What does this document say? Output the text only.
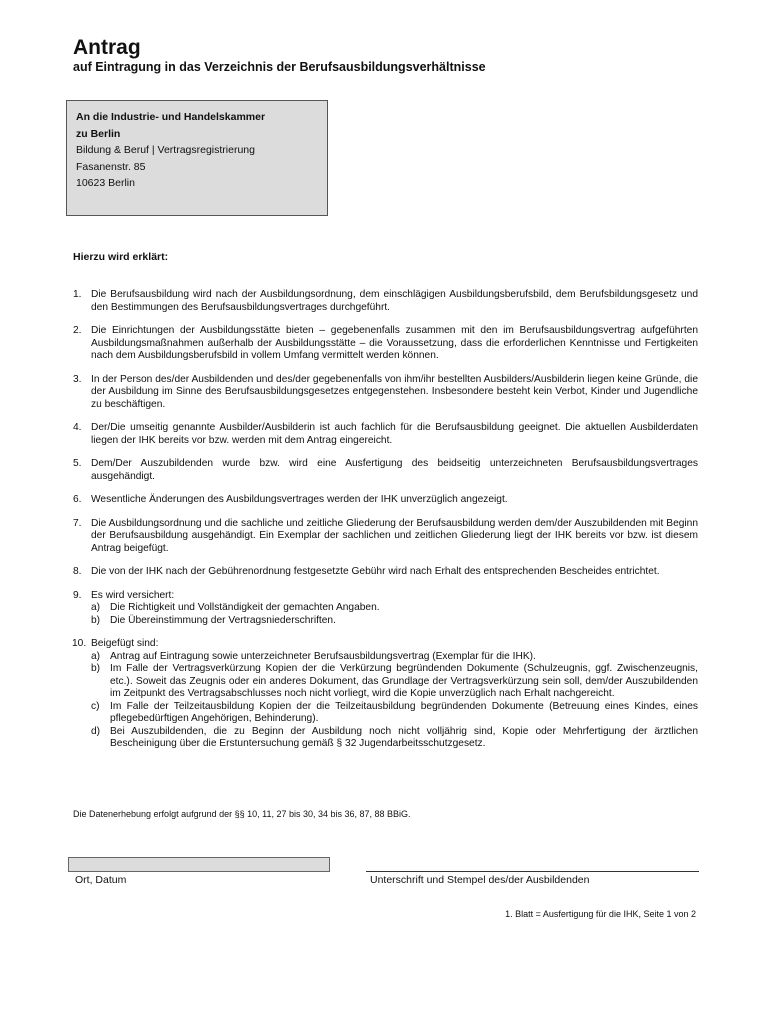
Antrag
auf Eintragung in das Verzeichnis der Berufsausbildungsverhältnisse
An die Industrie- und Handelskammer
zu Berlin
Bildung & Beruf | Vertragsregistrierung
Fasanenstr. 85
10623 Berlin
Hierzu wird erklärt:
1. Die Berufsausbildung wird nach der Ausbildungsordnung, dem einschlägigen Ausbildungsberufsbild, dem Berufsbildungsgesetz und den Bestimmungen des Berufsausbildungsvertrages durchgeführt.
2. Die Einrichtungen der Ausbildungsstätte bieten – gegebenenfalls zusammen mit den im Berufsausbildungsvertrag aufgeführten Ausbildungsmaßnahmen außerhalb der Ausbildungsstätte – die Voraussetzung, dass die erforderlichen Kenntnisse und Fertigkeiten nach dem Ausbildungsberufsbild in vollem Umfang vermittelt werden können.
3. In der Person des/der Ausbildenden und des/der gegebenenfalls von ihm/ihr bestellten Ausbilders/Ausbilderin liegen keine Gründe, die der Ausbildung im Sinne des Berufsausbildungsgesetzes entgegenstehen. Insbesondere besteht kein Verbot, Kinder und Jugendliche zu beschäftigen.
4. Der/Die umseitig genannte Ausbilder/Ausbilderin ist auch fachlich für die Berufsausbildung geeignet. Die aktuellen Ausbilderdaten liegen der IHK bereits vor bzw. werden mit dem Antrag eingereicht.
5. Dem/Der Auszubildenden wurde bzw. wird eine Ausfertigung des beidseitig unterzeichneten Berufsausbildungsvertrages ausgehändigt.
6. Wesentliche Änderungen des Ausbildungsvertrages werden der IHK unverzüglich angezeigt.
7. Die Ausbildungsordnung und die sachliche und zeitliche Gliederung der Berufsausbildung werden dem/der Auszubildenden mit Beginn der Berufsausbildung ausgehändigt. Ein Exemplar der sachlichen und zeitlichen Gliederung liegt der IHK bereits vor bzw. ist diesem Antrag beigefügt.
8. Die von der IHK nach der Gebührenordnung festgesetzte Gebühr wird nach Erhalt des entsprechenden Bescheides entrichtet.
9. Es wird versichert:
a) Die Richtigkeit und Vollständigkeit der gemachten Angaben.
b) Die Übereinstimmung der Vertragsniederschriften.
10. Beigefügt sind:
a) Antrag auf Eintragung sowie unterzeichneter Berufsausbildungsvertrag (Exemplar für die IHK).
b) Im Falle der Vertragsverkürzung Kopien der die Verkürzung begründenden Dokumente (Schulzeugnis, ggf. Zwischenzeugnis, etc.). Soweit das Zeugnis oder ein anderes Dokument, das Grundlage der Vertragsverkürzung sein soll, dem/der Auszubildenden im Zeitpunkt des Vertragsabschlusses noch nicht vorliegt, wird die Kopie unverzüglich nach Erhalt nachgereicht.
c) Im Falle der Teilzeitausbildung Kopien der die Teilzeitausbildung begründenden Dokumente (Betreuung eines Kindes, eines pflegebedürftigen Angehörigen, Behinderung).
d) Bei Auszubildenden, die zu Beginn der Ausbildung noch nicht volljährig sind, Kopie oder Mehrfertigung der ärztlichen Bescheinigung über die Erstuntersuchung gemäß § 32 Jugendarbeitsschutzgesetz.
Die Datenerhebung erfolgt aufgrund der §§ 10, 11, 27 bis 30, 34 bis 36, 87, 88 BBiG.
Ort, Datum	Unterschrift und Stempel des/der Ausbildenden
1. Blatt = Ausfertigung für die IHK, Seite 1 von 2
